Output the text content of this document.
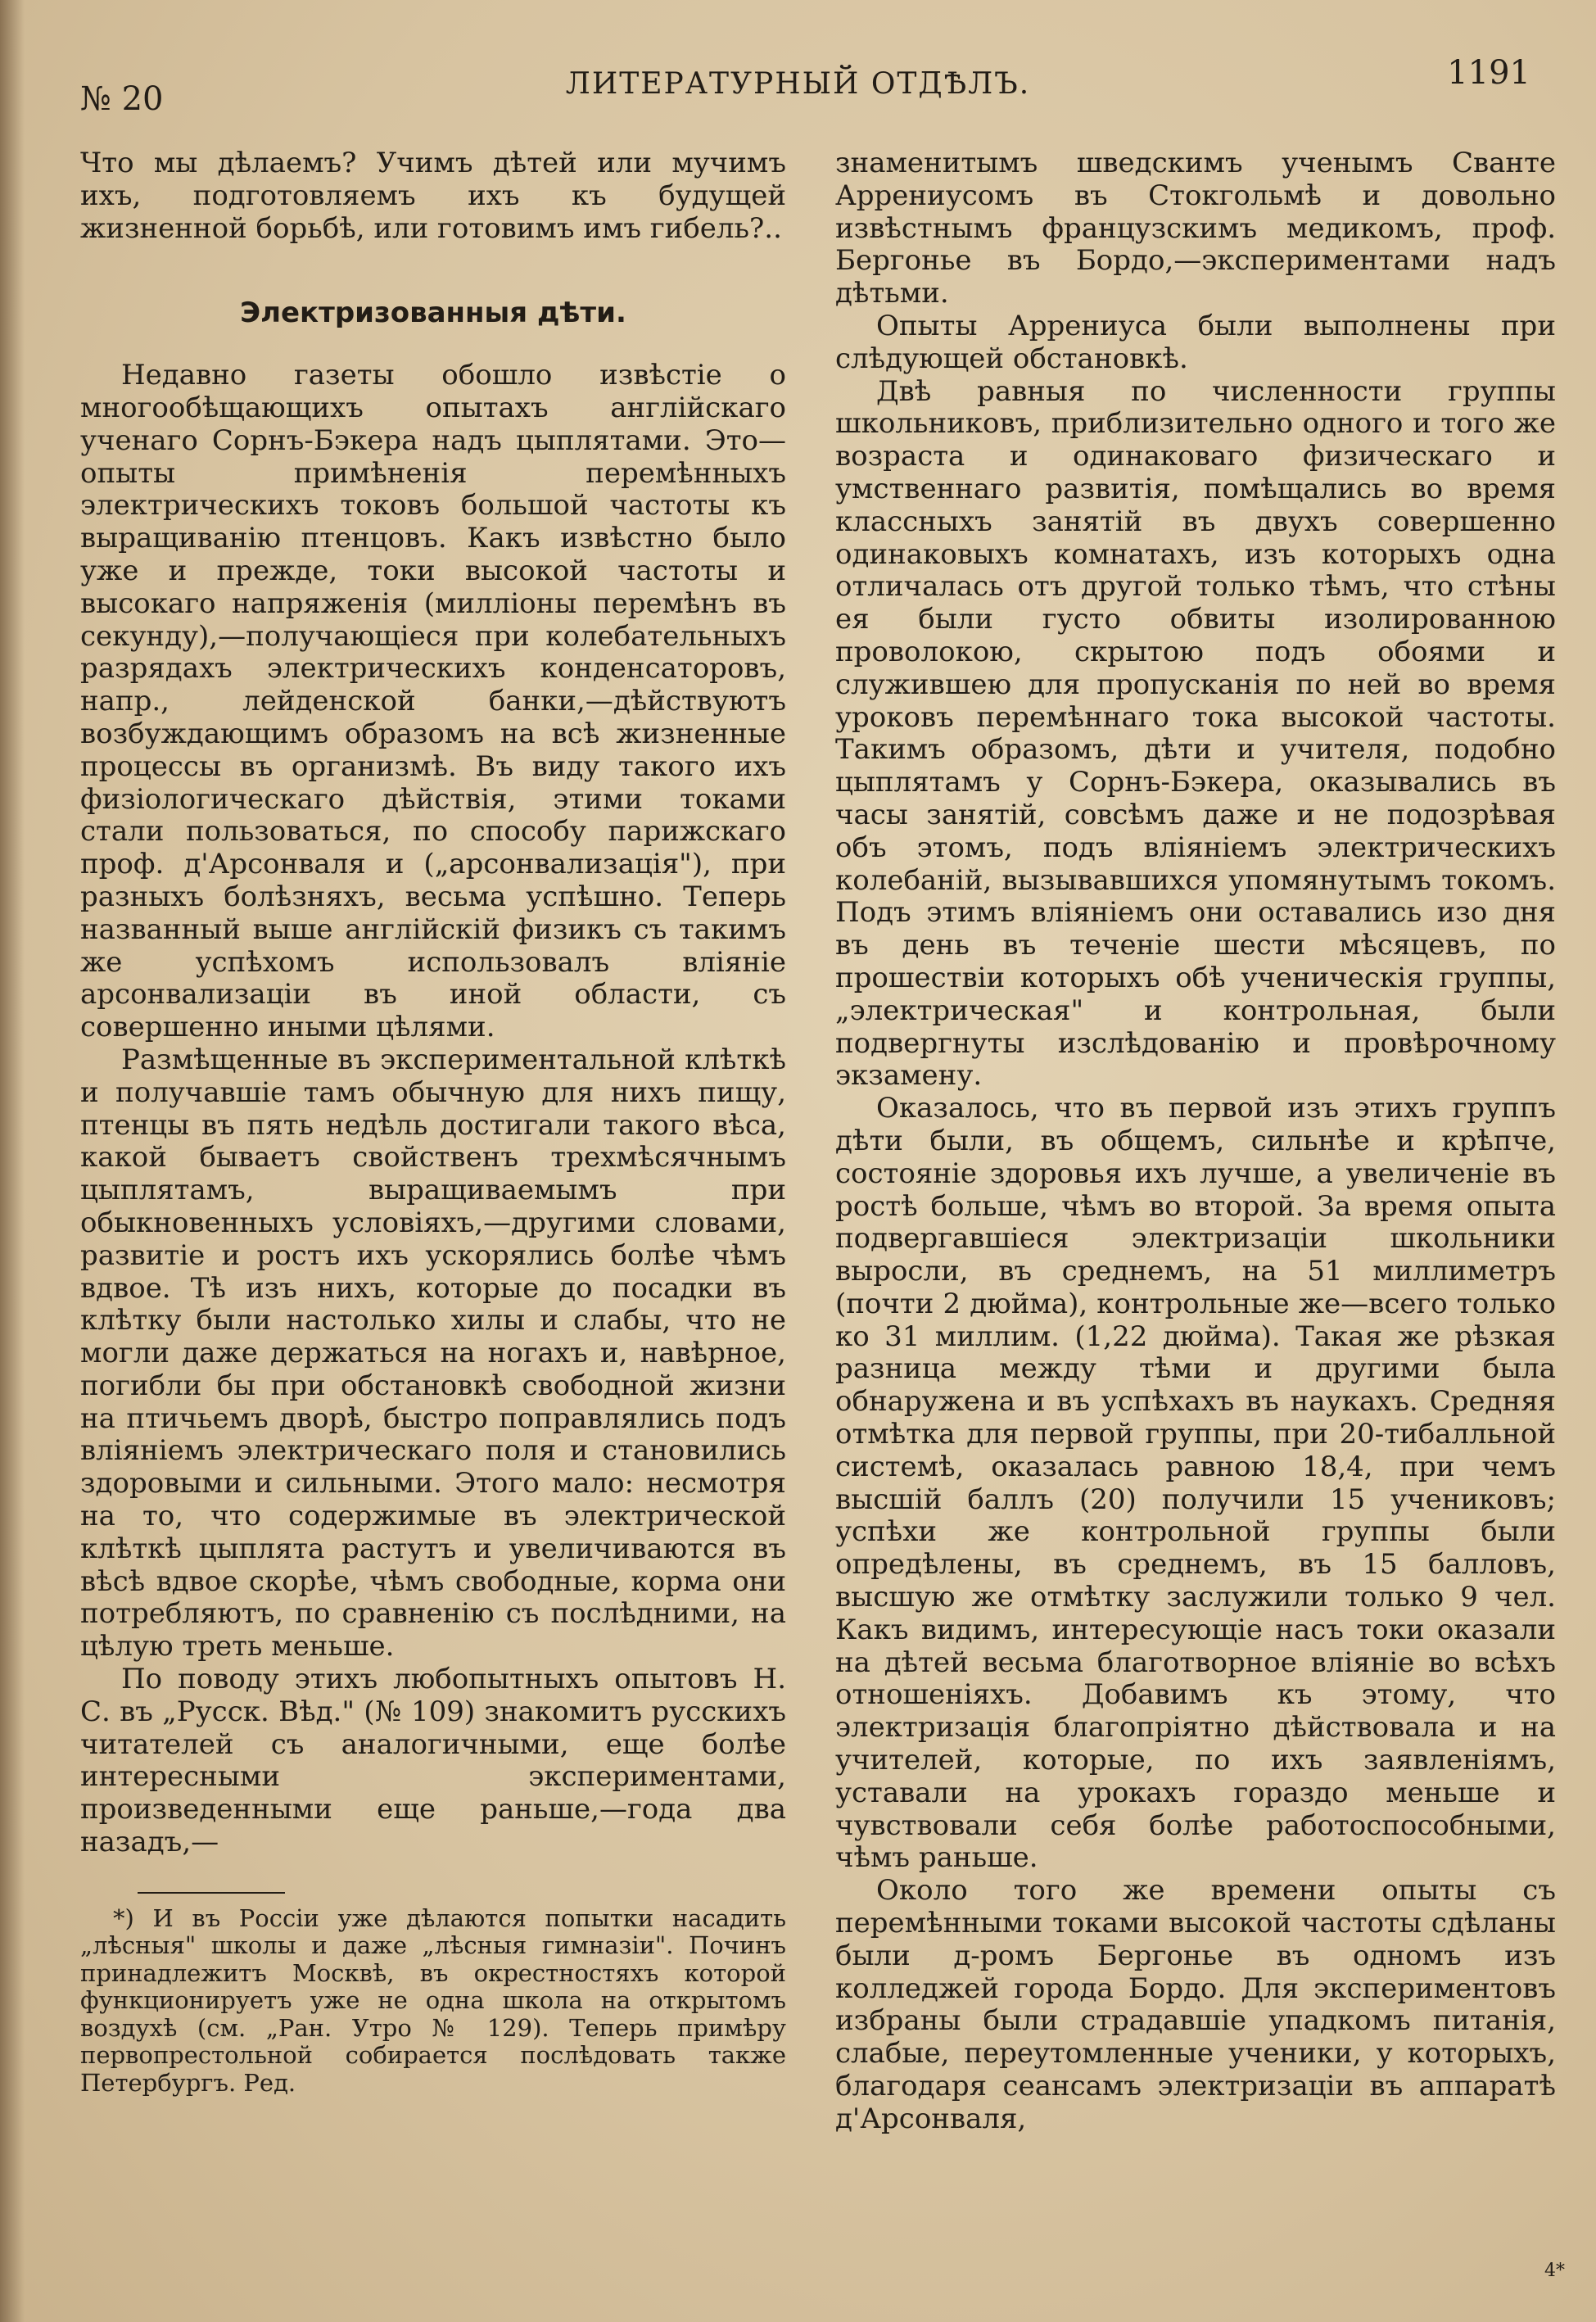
№ 20	ЛИТЕРАТУРНЫЙ ОТДѢЛЪ.	1191

Что мы дѣлаемъ? Учимъ дѣтей или мучимъ ихъ, подготовляемъ ихъ къ будущей жизненной борьбѣ, или готовимъ имъ гибель?..

Электризованныя дѣти.

Недавно газеты обошло извѣстіе о многообѣщающихъ опытахъ англійскаго ученаго Сорнъ-Бэкера надъ цыплятами. Это—опыты примѣненія перемѣнныхъ электрическихъ токовъ большой частоты къ выращиванію птенцовъ. Какъ извѣстно было уже и прежде, токи высокой частоты и высокаго напряженія (милліоны перемѣнъ въ секунду),—получающіеся при колебательныхъ разрядахъ электрическихъ конденсаторовъ, напр., лейденской банки,—дѣйствуютъ возбуждающимъ образомъ на всѣ жизненные процессы въ организмѣ. Въ виду такого ихъ физіологическаго дѣйствія, этими токами стали пользоваться, по способу парижскаго проф. д'Арсонваля и („арсонвализація"), при разныхъ болѣзняхъ, весьма успѣшно. Теперь названный выше англійскій физикъ съ такимъ же успѣхомъ использовалъ вліяніе арсонвализаціи въ иной области, съ совершенно иными цѣлями.

Размѣщенные въ экспериментальной клѣткѣ и получавшіе тамъ обычную для нихъ пищу, птенцы въ пять недѣль достигали такого вѣса, какой бываетъ свойственъ трехмѣсячнымъ цыплятамъ, выращиваемымъ при обыкновенныхъ условіяхъ,—другими словами, развитіе и ростъ ихъ ускорялись болѣе чѣмъ вдвое. Тѣ изъ нихъ, которые до посадки въ клѣтку были настолько хилы и слабы, что не могли даже держаться на ногахъ и, навѣрное, погибли бы при обстановкѣ свободной жизни на птичьемъ дворѣ, быстро поправлялись подъ вліяніемъ электрическаго поля и становились здоровыми и сильными. Этого мало: несмотря на то, что содержимые въ электрической клѣткѣ цыплята растутъ и увеличиваются въ вѣсѣ вдвое скорѣе, чѣмъ свободные, корма они потребляютъ, по сравненію съ послѣдними, на цѣлую треть меньше.

По поводу этихъ любопытныхъ опытовъ Н. С. въ „Русск. Вѣд." (№ 109) знакомитъ русскихъ читателей съ аналогичными, еще болѣе интересными экспериментами, произведенными еще раньше,—года два назадъ,—

*) И въ Россіи уже дѣлаются попытки насадить „лѣсныя" школы и даже „лѣсныя гимназіи". Починъ принадлежитъ Москвѣ, въ окрестностяхъ которой функционируетъ уже не одна школа на открытомъ воздухѣ (см. „Ран. Утро № 129). Теперь примѣру первопрестольной собирается послѣдовать также Петербургъ. Ред.

знаменитымъ шведскимъ ученымъ Сванте Аррениусомъ въ Стокгольмѣ и довольно извѣстнымъ французскимъ медикомъ, проф. Бергонье въ Бордо,—экспериментами надъ дѣтьми.

Опыты Аррениуса были выполнены при слѣдующей обстановкѣ.

Двѣ равныя по численности группы школьниковъ, приблизительно одного и того же возраста и одинаковаго физическаго и умственнаго развитія, помѣщались во время классныхъ занятій въ двухъ совершенно одинаковыхъ комнатахъ, изъ которыхъ одна отличалась отъ другой только тѣмъ, что стѣны ея были густо обвиты изолированною проволокою, скрытою подъ обоями и служившею для пропусканія по ней во время уроковъ перемѣннаго тока высокой частоты. Такимъ образомъ, дѣти и учителя, подобно цыплятамъ у Сорнъ-Бэкера, оказывались въ часы занятій, совсѣмъ даже и не подозрѣвая объ этомъ, подъ вліяніемъ электрическихъ колебаній, вызывавшихся упомянутымъ токомъ. Подъ этимъ вліяніемъ они оставались изо дня въ день въ теченіе шести мѣсяцевъ, по прошествіи которыхъ обѣ ученическія группы, „электрическая" и контрольная, были подвергнуты изслѣдованію и провѣрочному экзамену.

Оказалось, что въ первой изъ этихъ группъ дѣти были, въ общемъ, сильнѣе и крѣпче, состояніе здоровья ихъ лучше, а увеличеніе въ ростѣ больше, чѣмъ во второй. За время опыта подвергавшіеся электризаціи школьники выросли, въ среднемъ, на 51 миллиметръ (почти 2 дюйма), контрольные же—всего только ко 31 миллим. (1,22 дюйма). Такая же рѣзкая разница между тѣми и другими была обнаружена и въ успѣхахъ въ наукахъ. Средняя отмѣтка для первой группы, при 20-тибалльной системѣ, оказалась равною 18,4, при чемъ высшій баллъ (20) получили 15 учениковъ; успѣхи же контрольной группы были опредѣлены, въ среднемъ, въ 15 балловъ, высшую же отмѣтку заслужили только 9 чел. Какъ видимъ, интересующіе насъ токи оказали на дѣтей весьма благотворное вліяніе во всѣхъ отношеніяхъ. Добавимъ къ этому, что электризація благопріятно дѣйствовала и на учителей, которые, по ихъ заявленіямъ, уставали на урокахъ гораздо меньше и чувствовали себя болѣе работоспособными, чѣмъ раньше.

Около того же времени опыты съ перемѣнными токами высокой частоты сдѣланы были д-ромъ Бергонье въ одномъ изъ колледжей города Бордо. Для экспериментовъ избраны были страдавшіе упадкомъ питанія, слабые, переутомленные ученики, у которыхъ, благодаря сеансамъ электризаціи въ аппаратѣ д'Арсонваля,

4*
